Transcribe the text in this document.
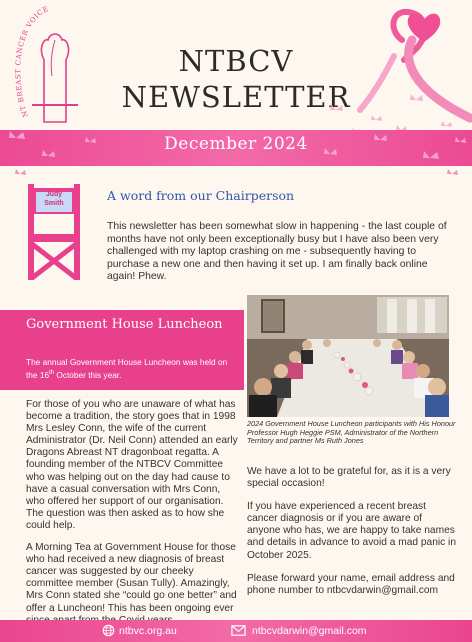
NT BREAST CANCER VOICE
NTBCV
NEWSLETTER
December 2024
Judy
Smith
A word from our Chairperson
This newsletter has been somewhat slow in happening - the last couple of months have not only been exceptionally busy but I have also been very challenged with my laptop crashing on me - subsequently having to purchase a new one and then having it set up. I am finally back online again! Phew.
Government House Luncheon
The annual Government House Luncheon was held on the 16th October this year.
2024 Government House Luncheon participants with His Honour Professor Hugh Heggie PSM, Administrator of the Northern Territory and partner Ms Ruth Jones

For those of you who are unaware of what has become a tradition, the story goes that in 1998 Mrs Lesley Conn, the wife of the current Administrator (Dr. Neil Conn) attended an early Dragons Abreast NT dragonboat regatta. A founding member of the NTBCV Committee who was helping out on the day had cause to have a casual conversation with Mrs Conn, who offered her support of our organisation. The question was then asked as to how she could help.

A Morning Tea at Government House for those who had received a new diagnosis of breast cancer was suggested by our cheeky committee member (Susan Tully). Amazingly, Mrs Conn stated she “could go one better” and offer a Luncheon! This has been ongoing ever

We have a lot to be grateful for, as it is a very special occasion!

If you have experienced a recent breast cancer diagnosis or if you are aware of anyone who has, we are happy to take names and details in advance to avoid a mad panic in October 2025.

Please forward your name, email address and phone number to ntbcvdarwin@gmail.com

ntbvc.org.au	ntbcvdarwin@gmail.com
